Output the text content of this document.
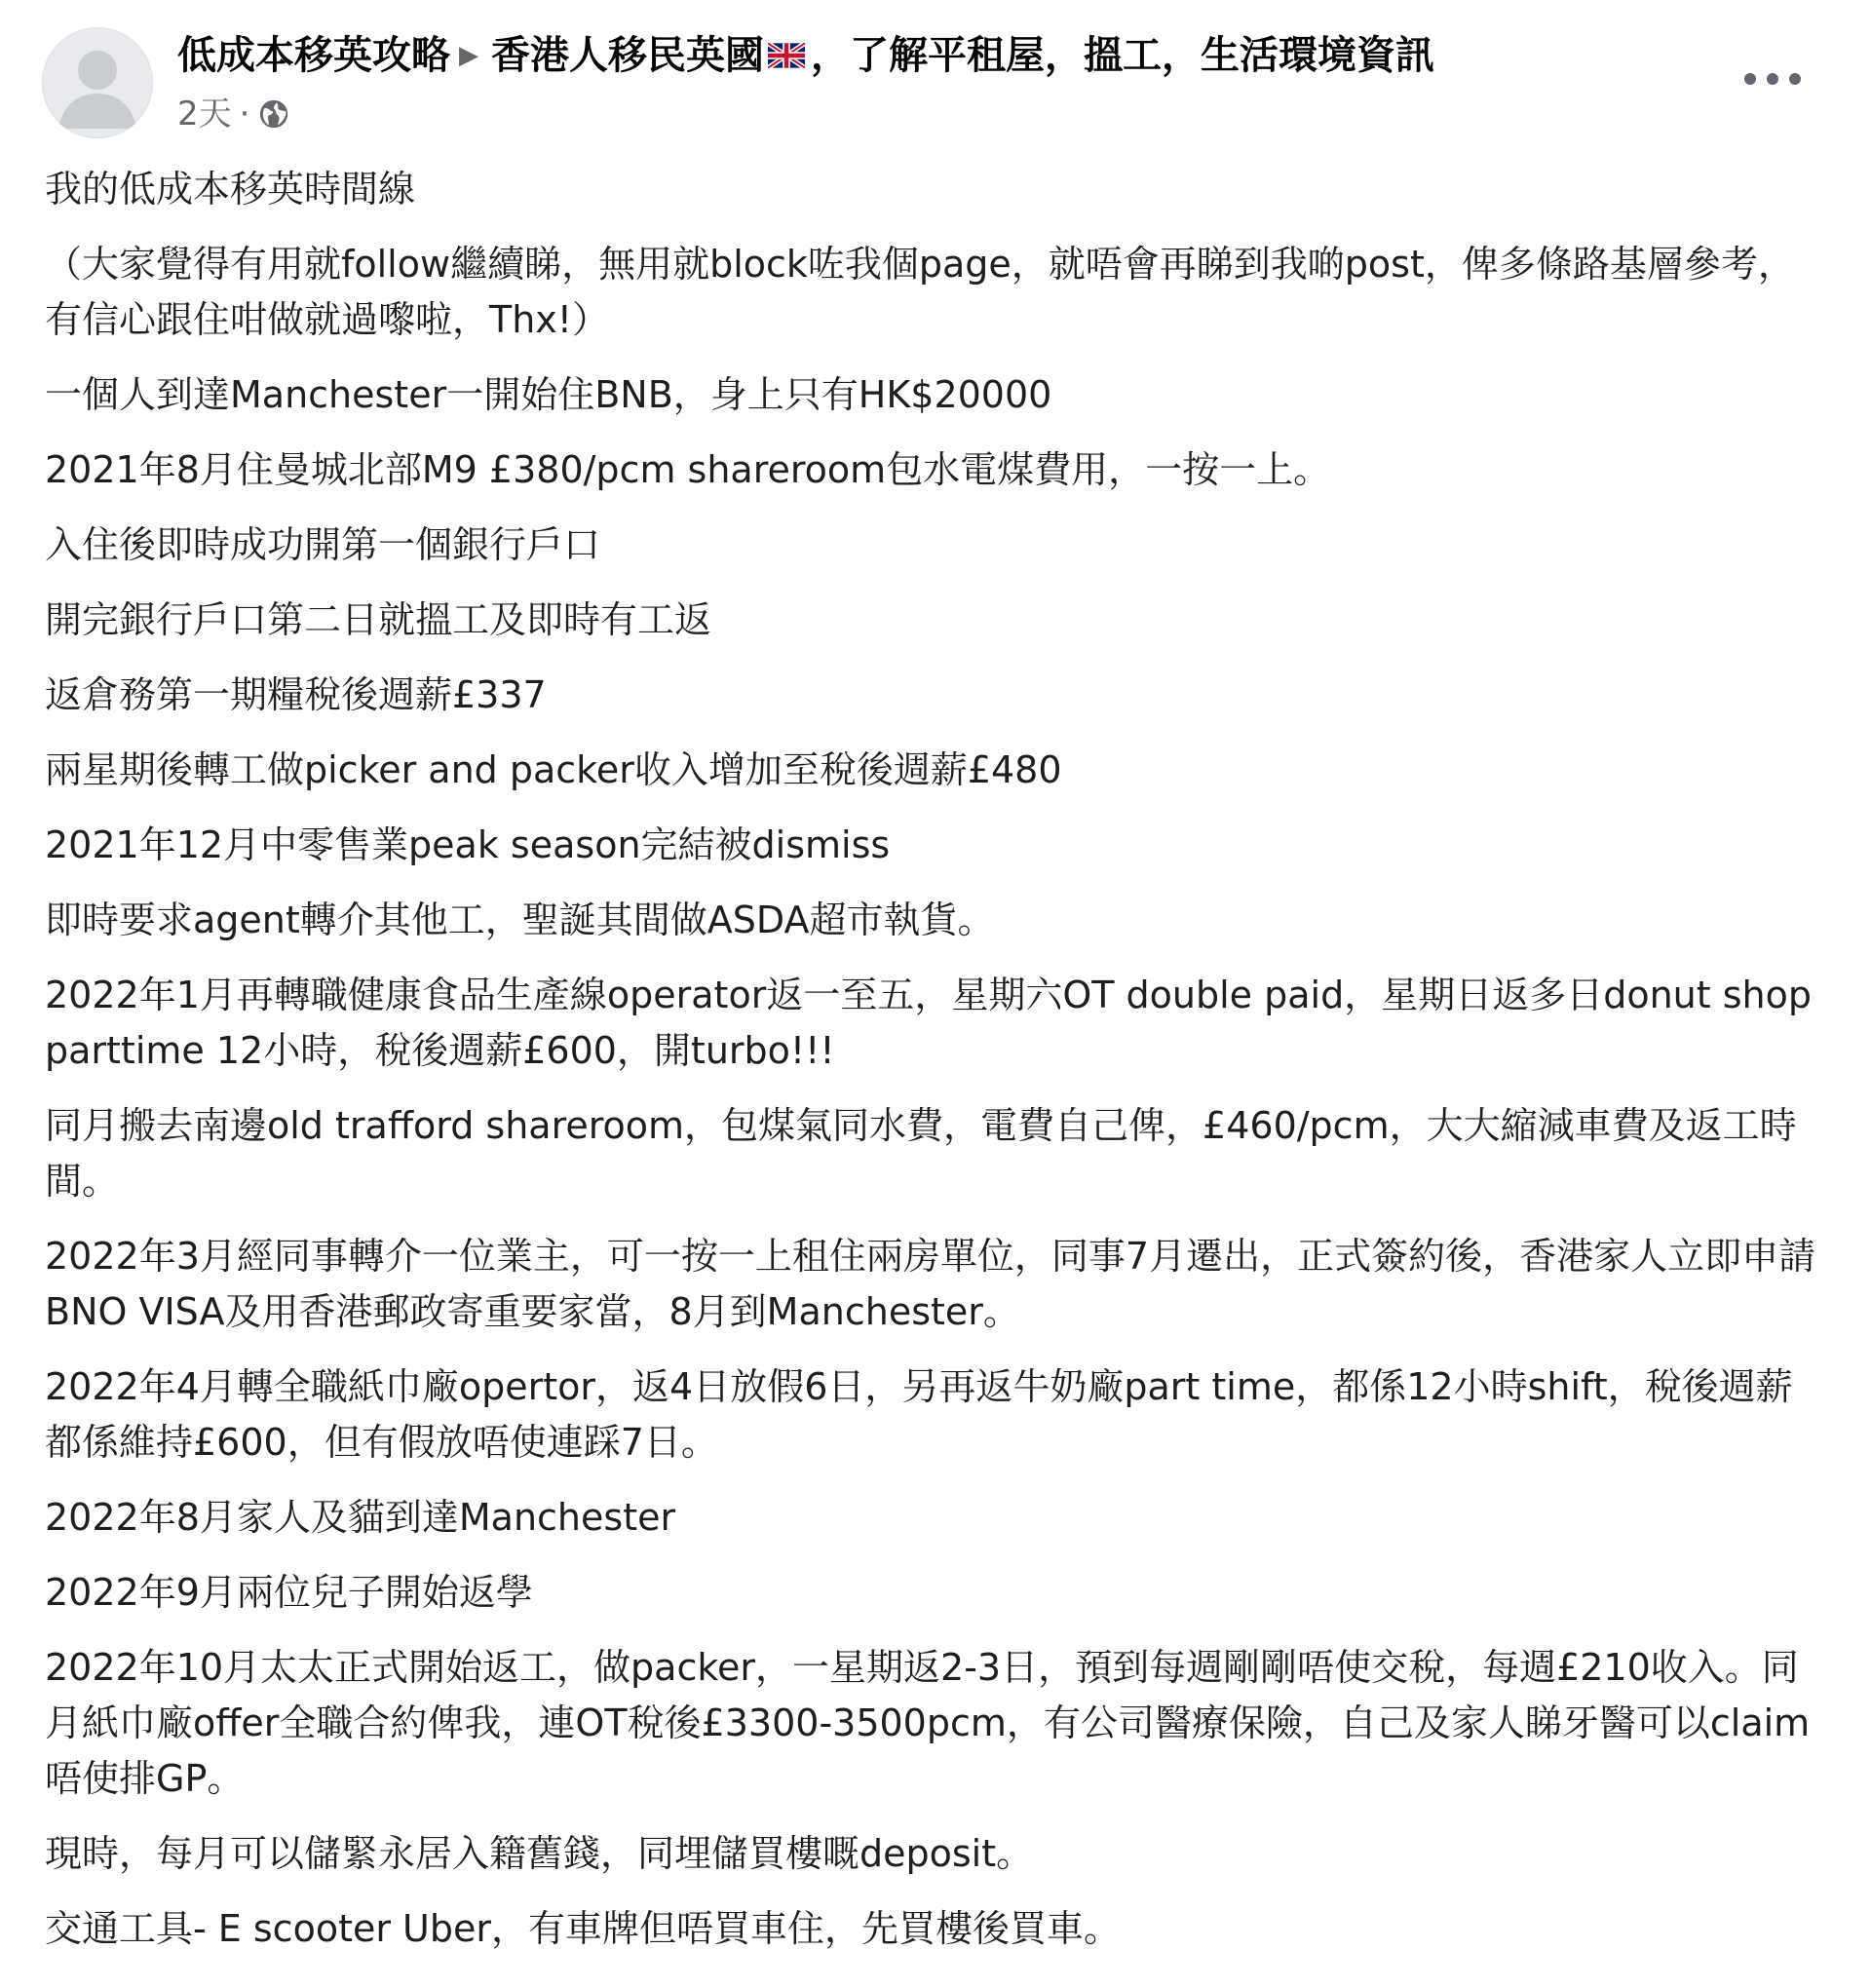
低成本移英攻略 ▶ 香港人移民英國 ，了解平租屋，搵工，生活環境資訊
2天 ·

我的低成本移英時間線

（大家覺得有用就follow繼續睇，無用就block咗我個page，就唔會再睇到我啲post，俾多條路基層參考，有信心跟住咁做就過嚟啦，Thx!）

一個人到達Manchester一開始住BNB，身上只有HK$20000

2021年8月住曼城北部M9 £380/pcm shareroom包水電煤費用，一按一上。

入住後即時成功開第一個銀行戶口

開完銀行戶口第二日就搵工及即時有工返

返倉務第一期糧稅後週薪£337

兩星期後轉工做picker and packer收入增加至稅後週薪£480

2021年12月中零售業peak season完結被dismiss

即時要求agent轉介其他工，聖誕其間做ASDA超市執貨。

2022年1月再轉職健康食品生產線operator返一至五，星期六OT double paid，星期日返多日donut shop parttime 12小時，稅後週薪£600，開turbo!!!

同月搬去南邊old trafford shareroom，包煤氣同水費，電費自己俾，£460/pcm，大大縮減車費及返工時間。

2022年3月經同事轉介一位業主，可一按一上租住兩房單位，同事7月遷出，正式簽約後，香港家人立即申請BNO VISA及用香港郵政寄重要家當，8月到Manchester。

2022年4月轉全職紙巾廠opertor，返4日放假6日，另再返牛奶廠part time，都係12小時shift，稅後週薪都係維持£600，但有假放唔使連踩7日。

2022年8月家人及貓到達Manchester

2022年9月兩位兒子開始返學

2022年10月太太正式開始返工，做packer，一星期返2-3日，預到每週剛剛唔使交稅，每週£210收入。同月紙巾廠offer全職合約俾我，連OT稅後£3300-3500pcm，有公司醫療保險，自己及家人睇牙醫可以claim唔使排GP。

現時，每月可以儲緊永居入籍舊錢，同埋儲買樓嘅deposit。

交通工具- E scooter Uber，有車牌但唔買車住，先買樓後買車。
